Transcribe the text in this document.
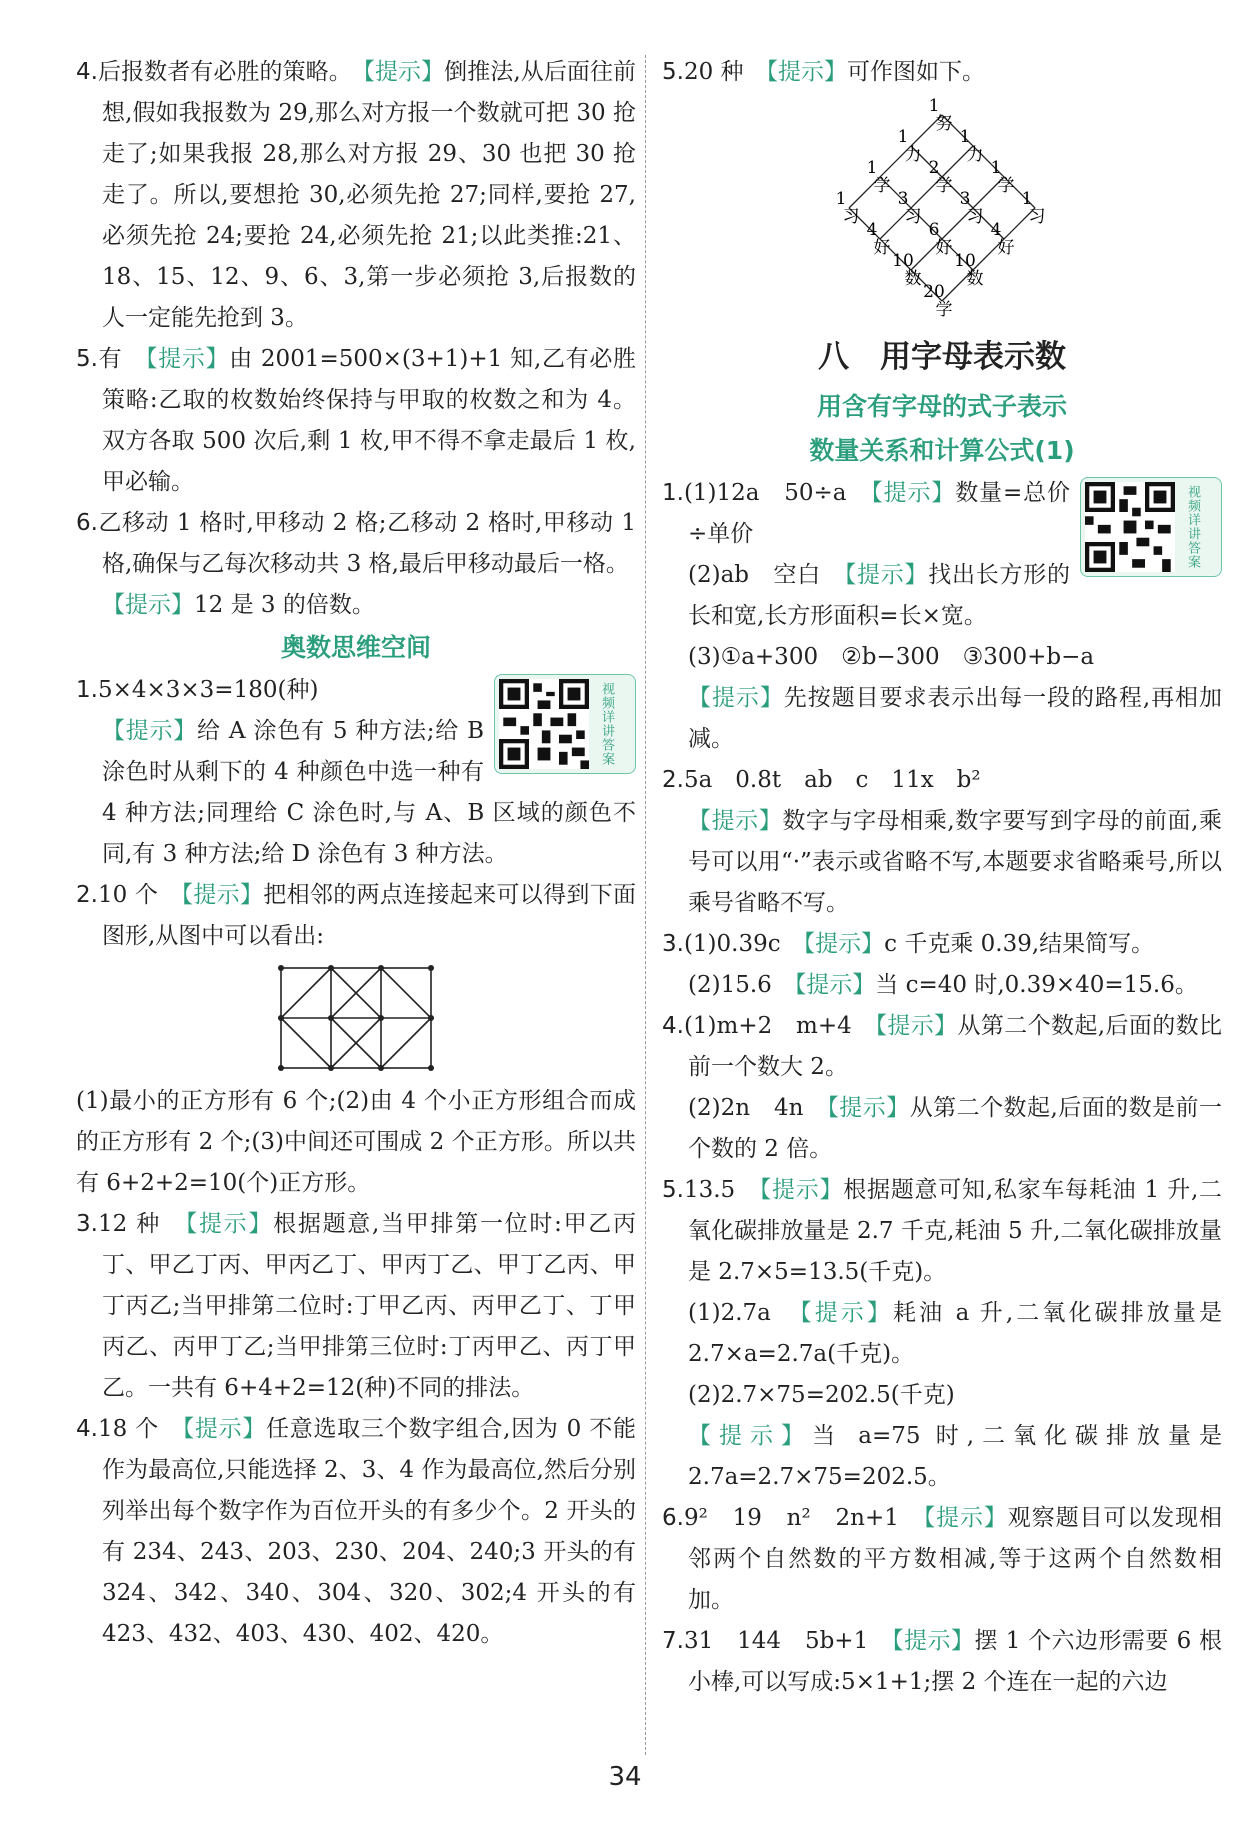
4.后报数者有必胜的策略。　 【提示】倒推法,从后面往前想,假如我报数为 29,那么对方报一个数就可把 30 抢走了;如果我报 28,那么对方报 29、30 也把 30 抢走了。所以,要想抢 30,必须先抢 27;同样,要抢 27,必须先抢 24;要抢 24,必须先抢 21;以此类推:21、18、15、12、9、6、3,第一步必须抢 3,后报数的人一定能先抢到 3。

5.有　 【提示】由 2001=500×(3+1)+1 知,乙有必胜策略:乙取的枚数始终保持与甲取的枚数之和为 4。双方各取 500 次后,剩 1 枚,甲不得不拿走最后 1 枚,甲必输。

6.乙移动 1 格时,甲移动 2 格;乙移动 2 格时,甲移动 1 格,确保与乙每次移动共 3 格,最后甲移动最后一格。

【提示】12 是 3 的倍数。

奥数思维空间

视频详讲答案

1.5×4×3×3=180(种)
【提示】给 A 涂色有 5 种方法;给 B 涂色时从剩下的 4 种颜色中选一种有 4 种方法;同理给 C 涂色时,与 A、B 区域的颜色不同,有 3 种方法;给 D 涂色有 3 种方法。

2.10 个　 【提示】把相邻的两点连接起来可以得到下面图形,从图中可以看出:

(1)最小的正方形有 6 个;(2)由 4 个小正方形组合而成的正方形有 2 个;(3)中间还可围成 2 个正方形。所以共有 6+2+2=10(个)正方形。

3.12 种　 【提示】根据题意,当甲排第一位时:甲乙丙丁、甲乙丁丙、甲丙乙丁、甲丙丁乙、甲丁乙丙、甲丁丙乙;当甲排第二位时:丁甲乙丙、丙甲乙丁、丁甲丙乙、丙甲丁乙;当甲排第三位时:丁丙甲乙、丙丁甲乙。一共有 6+4+2=12(种)不同的排法。

4.18 个　 【提示】任意选取三个数字组合,因为 0 不能作为最高位,只能选择 2、3、4 作为最高位,然后分别列举出每个数字作为百位开头的有多少个。2 开头的有 234、243、203、230、204、240;3 开头的有 324、342、340、304、320、302;4 开头的有 423、432、403、430、402、420。

5.20 种　 【提示】可作图如下。

1
1	1
1	2	1
1	3	3	1
4	6	4
10 10
20
努
力	力
学	学	学
习	习	习	习
好	好	好
数	数
学

八　用字母表示数

用含有字母的式子表示

数量关系和计算公式(1)

视频详讲答案

1.(1)12a　50÷a　 【提示】数量=总价÷单价

(2)ab　空白　 【提示】找出长方形的长和宽,长方形面积=长×宽。

(3)①a+300　②b−300　③300+b−a

【提示】先按题目要求表示出每一段的路程,再相加减。

2.5a　0.8t　ab　c　11x　b²

【提示】数字与字母相乘,数字要写到字母的前面,乘号可以用“·”表示或省略不写,本题要求省略乘号,所以乘号省略不写。

3.(1)0.39c　 【提示】c 千克乘 0.39,结果简写。

(2)15.6　 【提示】当 c=40 时,0.39×40=15.6。

4.(1)m+2　m+4　 【提示】从第二个数起,后面的数比前一个数大 2。

(2)2n　4n　 【提示】从第二个数起,后面的数是前一个数的 2 倍。

5.13.5　 【提示】根据题意可知,私家车每耗油 1 升,二氧化碳排放量是 2.7 千克,耗油 5 升,二氧化碳排放量是 2.7×5=13.5(千克)。

(1)2.7a　 【提示】耗油 a 升,二氧化碳排放量是 2.7×a=2.7a(千克)。

(2)2.7×75=202.5(千克)

【提示】当 a=75 时,二氧化碳排放量是 2.7a=2.7×75=202.5。

6.9²　19　n²　2n+1　 【提示】观察题目可以发现相邻两个自然数的平方数相减,等于这两个自然数相加。

7.31　144　5b+1　 【提示】摆 1 个六边形需要 6 根小棒,可以写成:5×1+1;摆 2 个连在一起的六边

34
